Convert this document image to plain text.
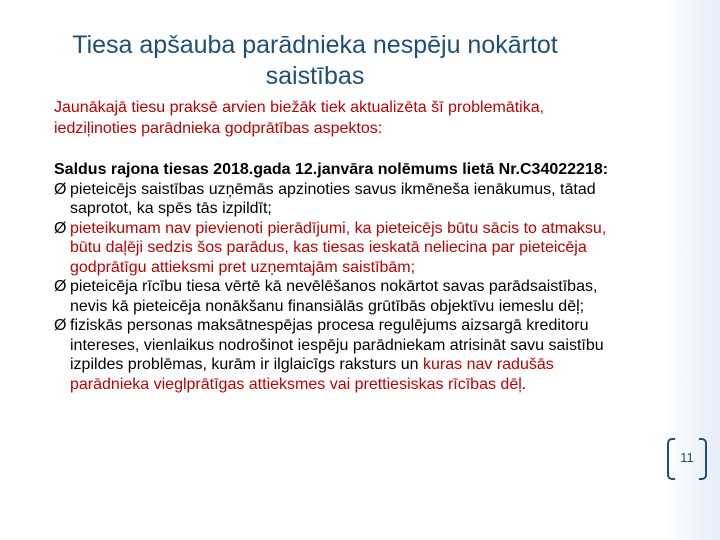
Tiesa apšauba parādnieka nespēju nokārtot saistības
Jaunākajā tiesu praksē arvien biežāk tiek aktualizēta šī problemātika, iedziļinoties parādnieka godprātības aspektos:
Saldus rajona tiesas 2018.gada 12.janvāra nolēmums lietā Nr.C34022218:
Ø pieteicējs saistības uzņēmās apzinoties savus ikmēneša ienākumus, tātad saprotot, ka spēs tās izpildīt;
Ø pieteikumam nav pievienoti pierādījumi, ka pieteicējs būtu sācis to atmaksu, būtu daļēji sedzis šos parādus, kas tiesas ieskatā neliecina par pieteicēja godprātīgu attieksmi pret uzņemtajām saistībām;
Ø pieteicēja rīcību tiesa vērtē kā nevēlēšanos nokārtot savas parādsaistības, nevis kā pieteicēja nonākšanu finansiālās grūtībās objektīvu iemeslu dēļ;
Ø fiziskās personas maksātnespējas procesa regulējums aizsargā kreditoru intereses, vienlaikus nodrošinot iespēju parādniekam atrisināt savu saistību izpildes problēmas, kurām ir ilglaicīgs raksturs un kuras nav radušās parādnieka vieglprātīgas attieksmes vai prettiesiskas rīcības dēļ.
11
